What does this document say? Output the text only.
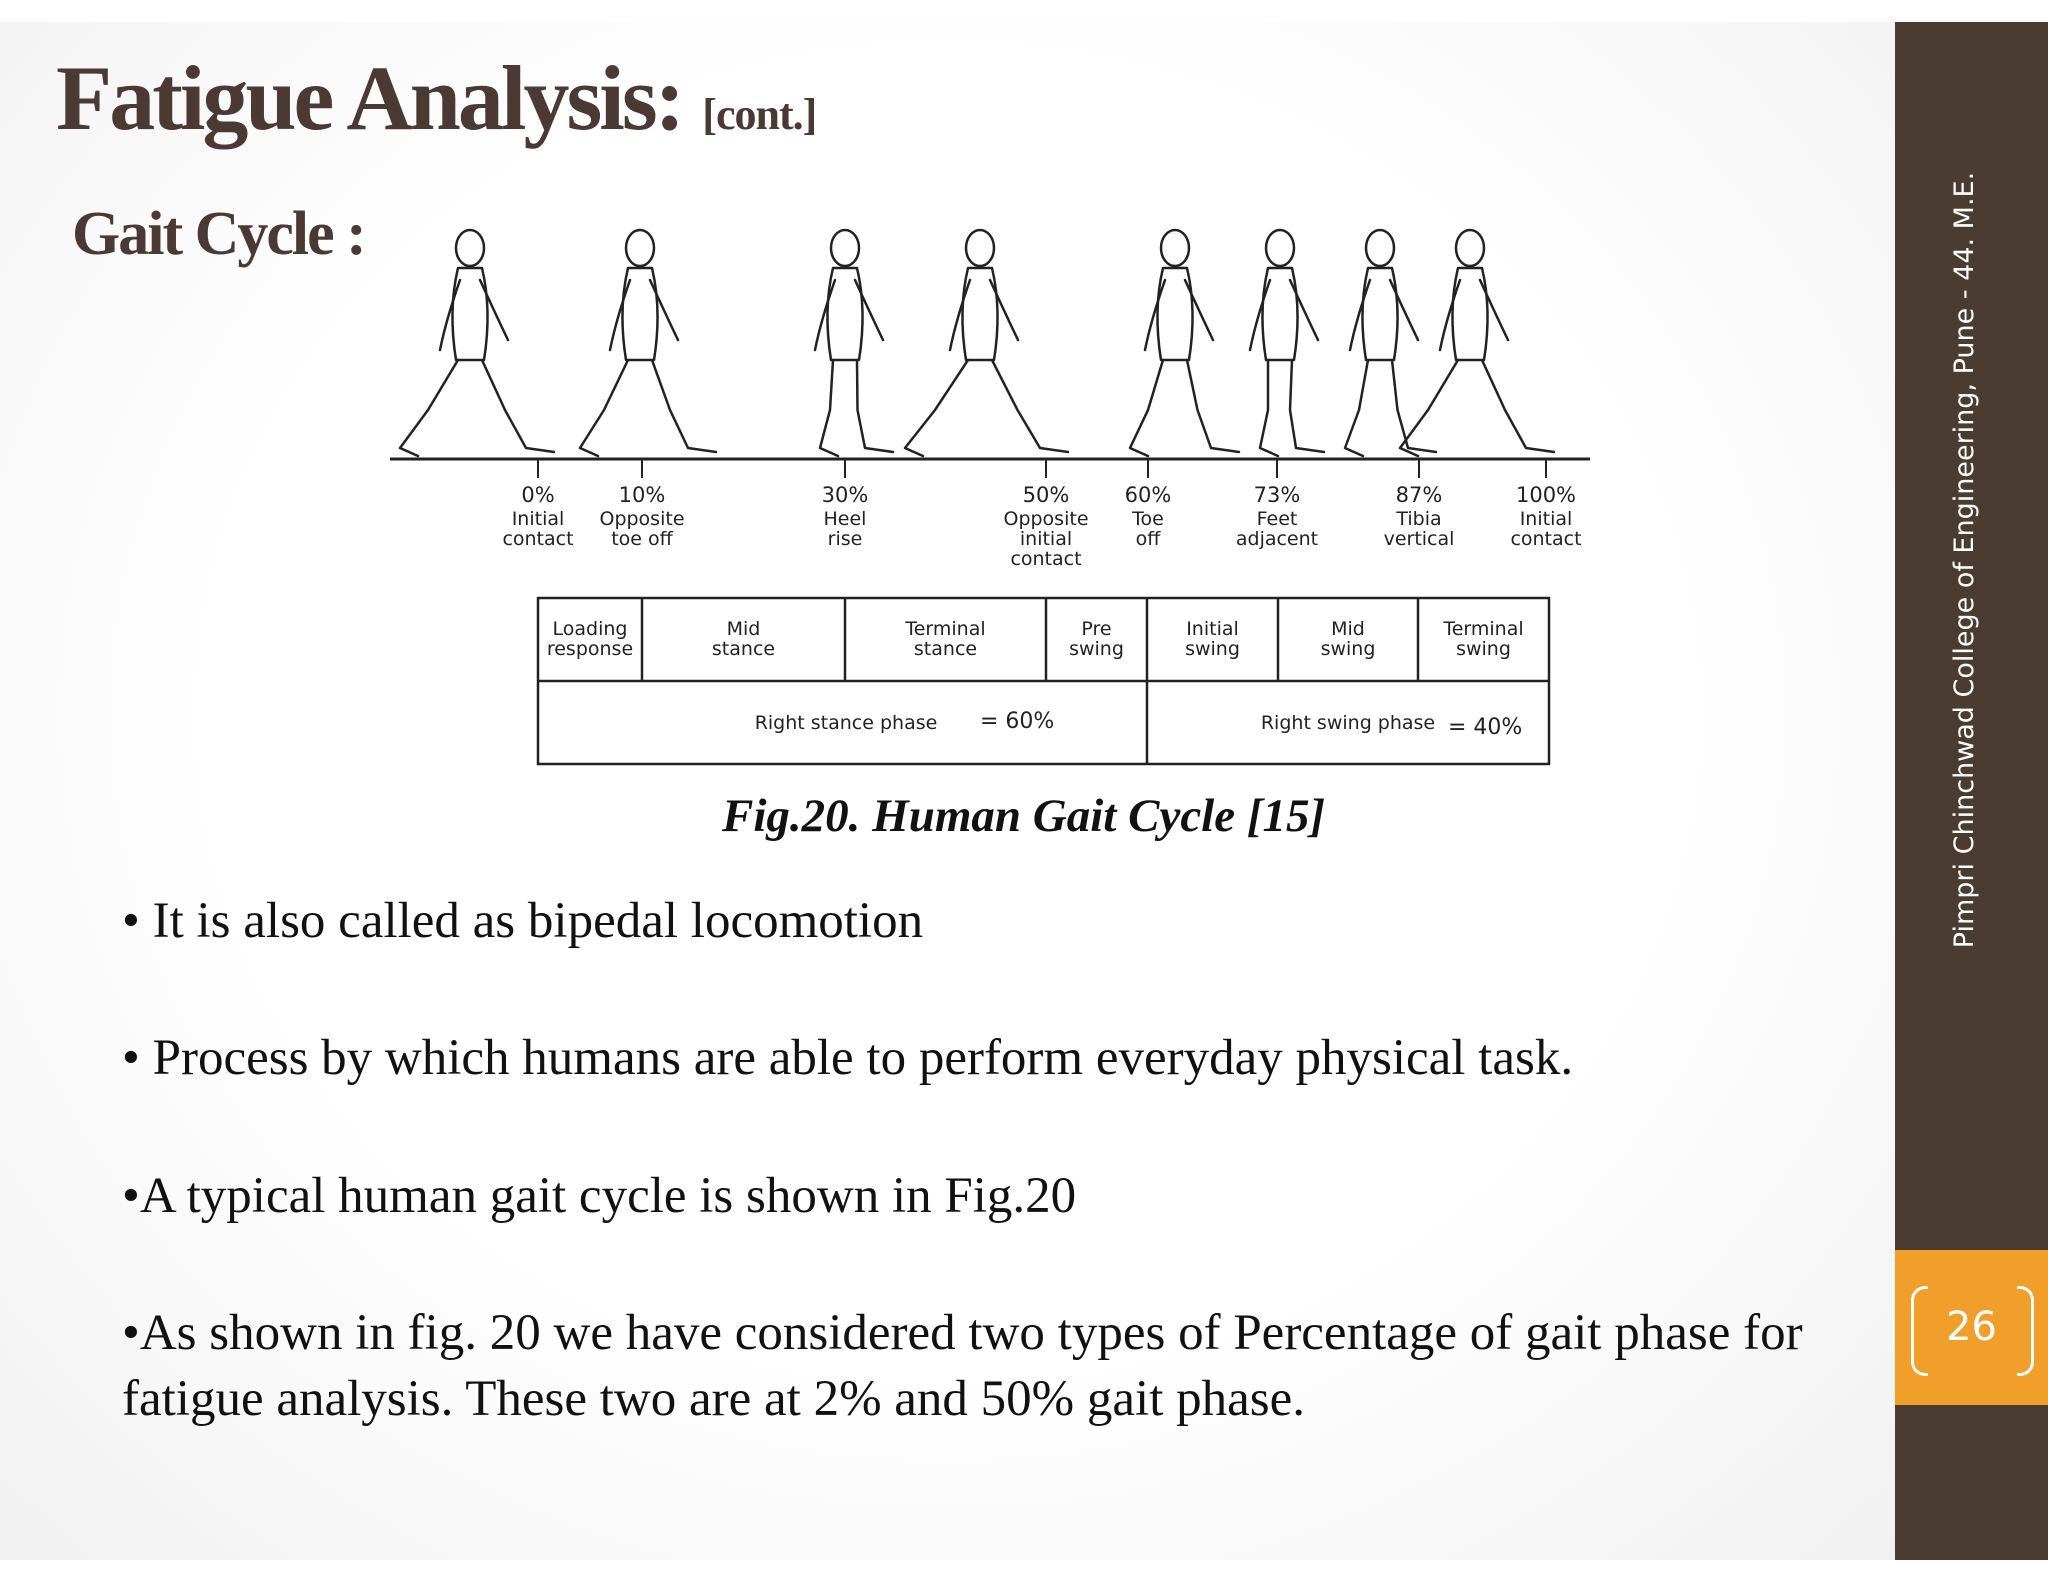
Fatigue Analysis: [cont.]
Gait Cycle :
0%
Initial
contact
10%
Opposite
toe off
30%
Heel
rise
50%
Opposite
initial
contact
60%
Toe
off
73%
Feet
adjacent
87%
Tibia
vertical
100%
Initial
contact
Loading
response
Mid
stance
Terminal
stance
Pre
swing
Initial
swing
Mid
swing
Terminal
swing
Right stance phase = 60%	Right swing phase = 40%
Fig.20. Human Gait Cycle [15]
• It is also called as bipedal locomotion
• Process by which humans are able to perform everyday physical task.
•A typical human gait cycle is shown in Fig.20
•As shown in fig. 20 we have considered two types of Percentage of gait phase for fatigue analysis. These two are at 2% and 50% gait phase.
Pimpri Chinchwad College of Engineering, Pune - 44. M.E.
26
